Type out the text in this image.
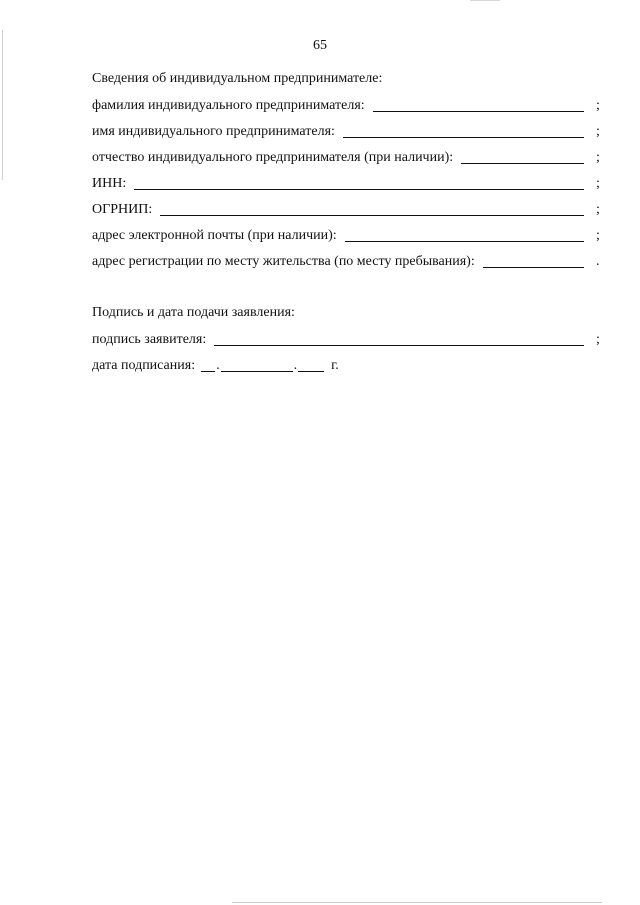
65
Сведения об индивидуальном предпринимателе:
фамилия индивидуального предпринимателя:	;
имя индивидуального предпринимателя:	;
отчество индивидуального предпринимателя (при наличии):	;
ИНН:	;
ОГРНИП:	;
адрес электронной почты (при наличии):	;
адрес регистрации по месту жительства (по месту пребывания):	.
Подпись и дата подачи заявления:
подпись заявителя:	;
дата подписания: .	. г.
